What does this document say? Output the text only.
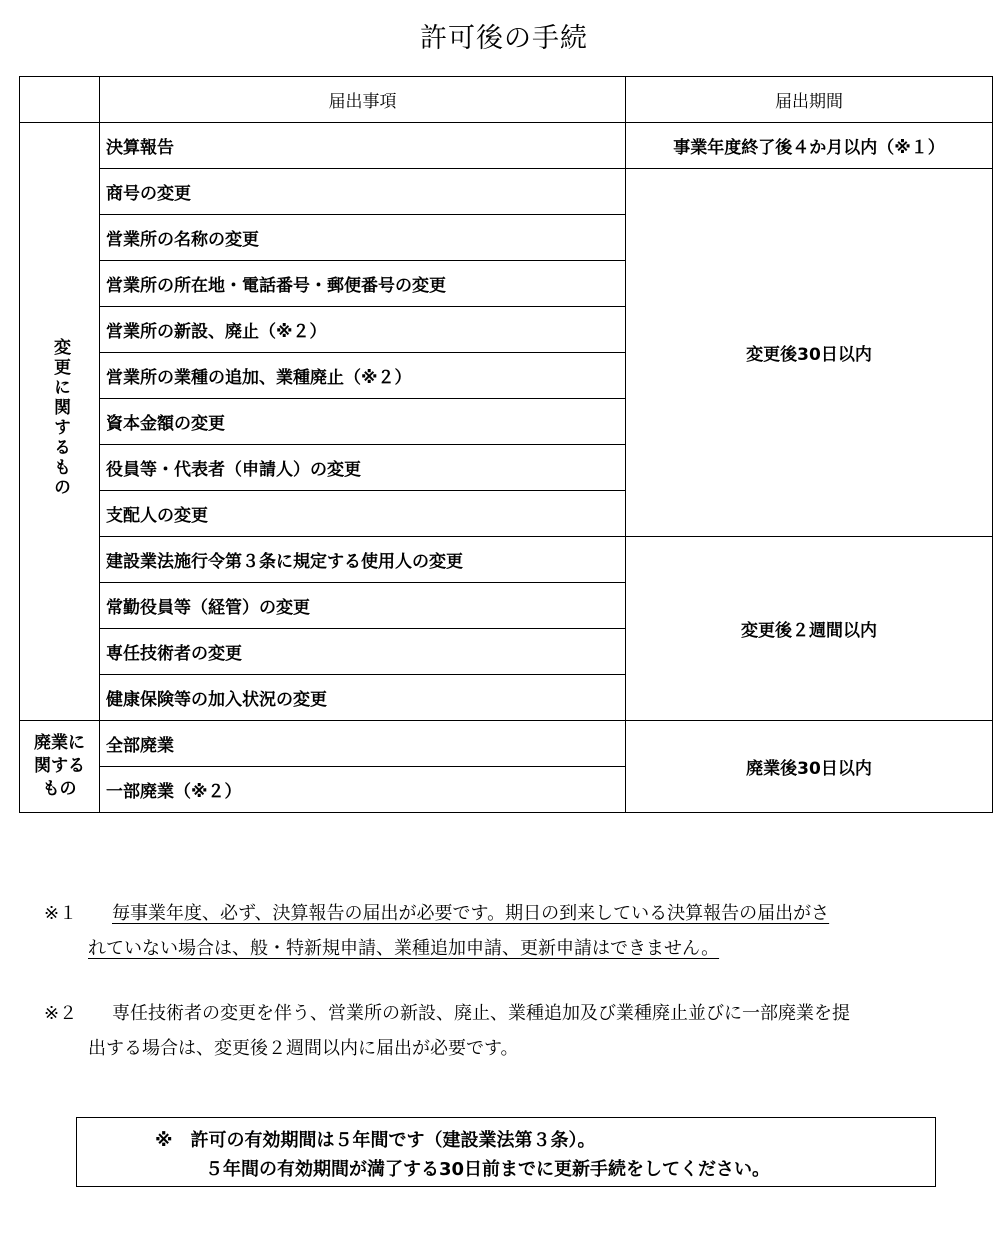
許可後の手続
	届出事項	届出期間
変更に関するもの	決算報告	事業年度終了後４か月以内（※１）
	商号の変更	変更後30日以内
	営業所の名称の変更	
	営業所の所在地・電話番号・郵便番号の変更	
	営業所の新設、廃止（※２）	
	営業所の業種の追加、業種廃止（※２）	
	資本金額の変更	
	役員等・代表者（申請人）の変更	
	支配人の変更	
	建設業法施行令第３条に規定する使用人の変更	変更後２週間以内
	常勤役員等（経管）の変更	
	専任技術者の変更	
	健康保険等の加入状況の変更	

廃業に
関する
もの	全部廃業	廃業後30日以内
	一部廃業（※２）	
※１	毎事業年度、必ず、決算報告の届出が必要です。期日の到来している決算報告の届出がさ
れていない場合は、般・特新規申請、業種追加申請、更新申請はできません。
※２	専任技術者の変更を伴う、営業所の新設、廃止、業種追加及び業種廃止並びに一部廃業を提
出する場合は、変更後２週間以内に届出が必要です。
※　許可の有効期間は５年間です（建設業法第３条）。
５年間の有効期間が満了する30日前までに更新手続をしてください。
